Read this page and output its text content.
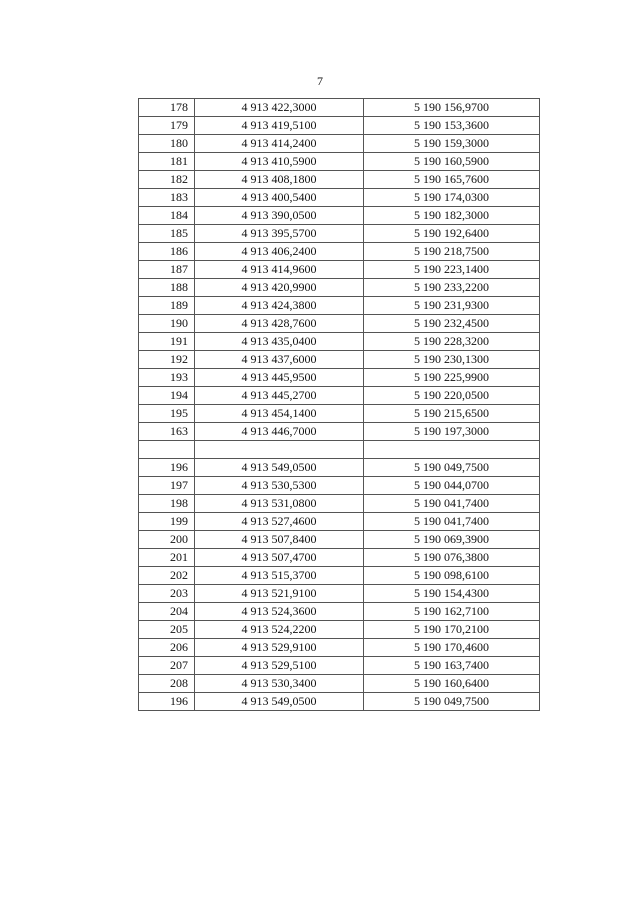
7
178	4 913 422,3000	5 190 156,9700
179	4 913 419,5100	5 190 153,3600
180	4 913 414,2400	5 190 159,3000
181	4 913 410,5900	5 190 160,5900
182	4 913 408,1800	5 190 165,7600
183	4 913 400,5400	5 190 174,0300
184	4 913 390,0500	5 190 182,3000
185	4 913 395,5700	5 190 192,6400
186	4 913 406,2400	5 190 218,7500
187	4 913 414,9600	5 190 223,1400
188	4 913 420,9900	5 190 233,2200
189	4 913 424,3800	5 190 231,9300
190	4 913 428,7600	5 190 232,4500
191	4 913 435,0400	5 190 228,3200
192	4 913 437,6000	5 190 230,1300
193	4 913 445,9500	5 190 225,9900
194	4 913 445,2700	5 190 220,0500
195	4 913 454,1400	5 190 215,6500
163	4 913 446,7000	5 190 197,3000

196	4 913 549,0500	5 190 049,7500
197	4 913 530,5300	5 190 044,0700
198	4 913 531,0800	5 190 041,7400
199	4 913 527,4600	5 190 041,7400
200	4 913 507,8400	5 190 069,3900
201	4 913 507,4700	5 190 076,3800
202	4 913 515,3700	5 190 098,6100
203	4 913 521,9100	5 190 154,4300
204	4 913 524,3600	5 190 162,7100
205	4 913 524,2200	5 190 170,2100
206	4 913 529,9100	5 190 170,4600
207	4 913 529,5100	5 190 163,7400
208	4 913 530,3400	5 190 160,6400
196	4 913 549,0500	5 190 049,7500
